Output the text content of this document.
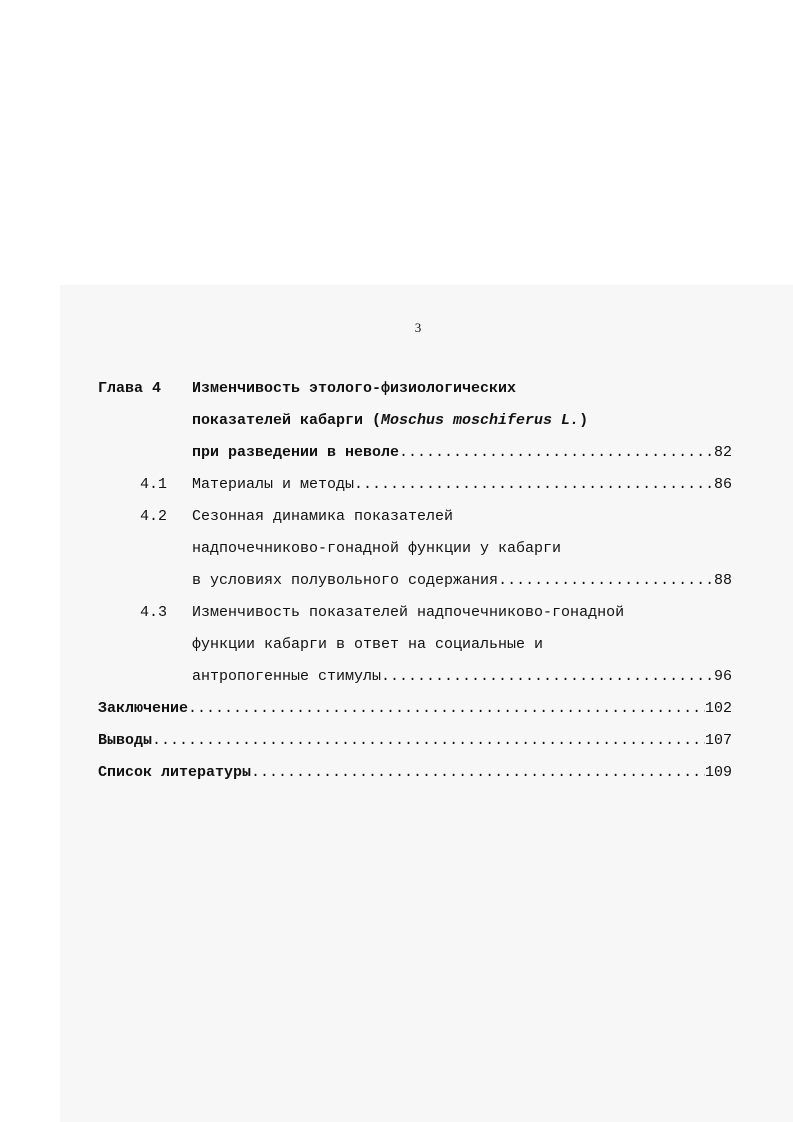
3
Глава 4 Изменчивость этолого-физиологических
показателей кабарги (Moschus moschiferus L.)
при разведении в неволе .....	82
4.1 Материалы и методы .....	86
4.2 Сезонная динамика показателей
надпочечниково-гонадной функции у кабарги
в условиях полувольного содержания .....	88
4.3 Изменчивость показателей надпочечниково-гонадной
функции кабарги в ответ на социальные и
антропогенные стимулы .....	96
Заключение .....	102
Выводы .....	107
Список литературы .....	109
